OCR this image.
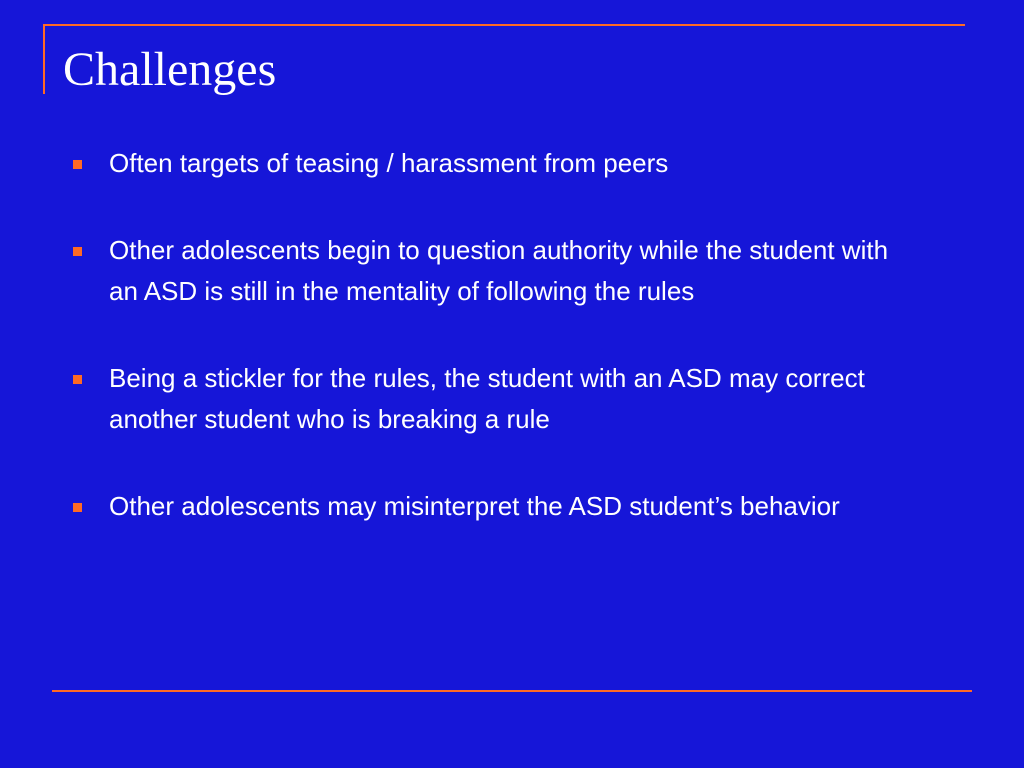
Challenges
Often targets of teasing / harassment from peers
Other adolescents begin to question authority while the student with an ASD is still in the mentality of following the rules
Being a stickler for the rules, the student with an ASD may correct another student who is breaking a rule
Other adolescents may misinterpret the ASD student’s behavior
